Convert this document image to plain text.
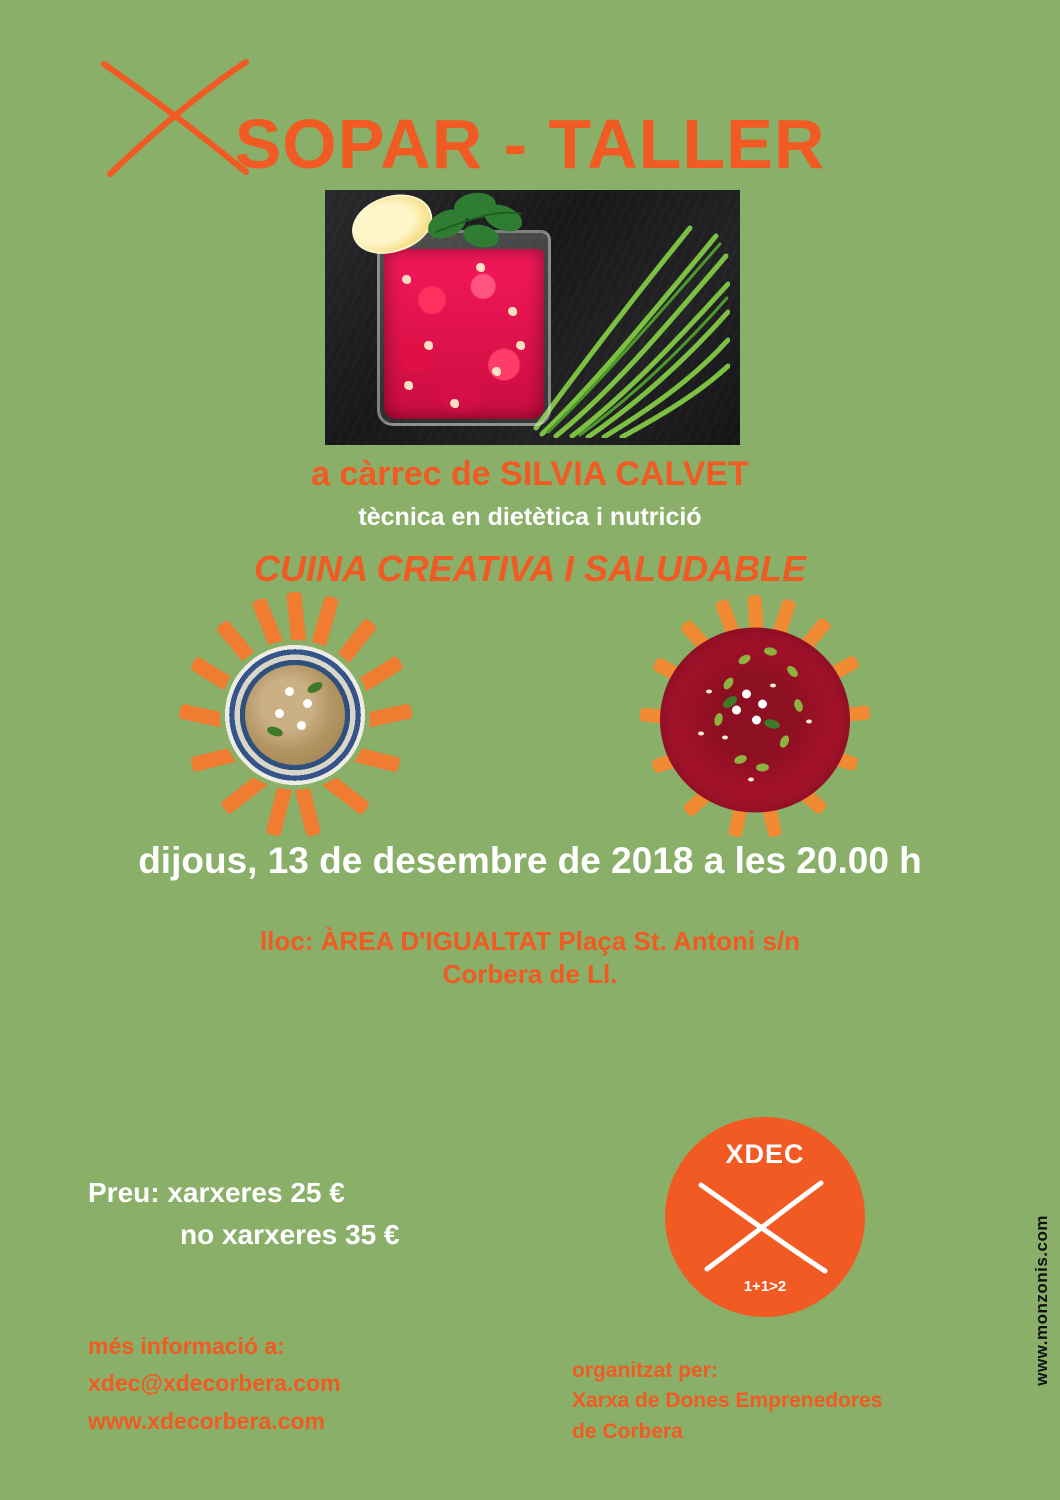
SOPAR - TALLER
a càrrec de SILVIA CALVET
tècnica en dietètica i nutrició
CUINA CREATIVA I SALUDABLE
dijous, 13 de desembre de 2018 a les 20.00 h
lloc: ÀREA D'IGUALTAT Plaça St. Antoni s/n
Corbera de Ll.
Preu: xarxeres 25 €
no xarxeres 35 €
més informació a:
xdec@xdecorbera.com
www.xdecorbera.com
organitzat per:
Xarxa de Dones Emprenedores
de Corbera
XDEC
1+1>2	www.monzonis.com
